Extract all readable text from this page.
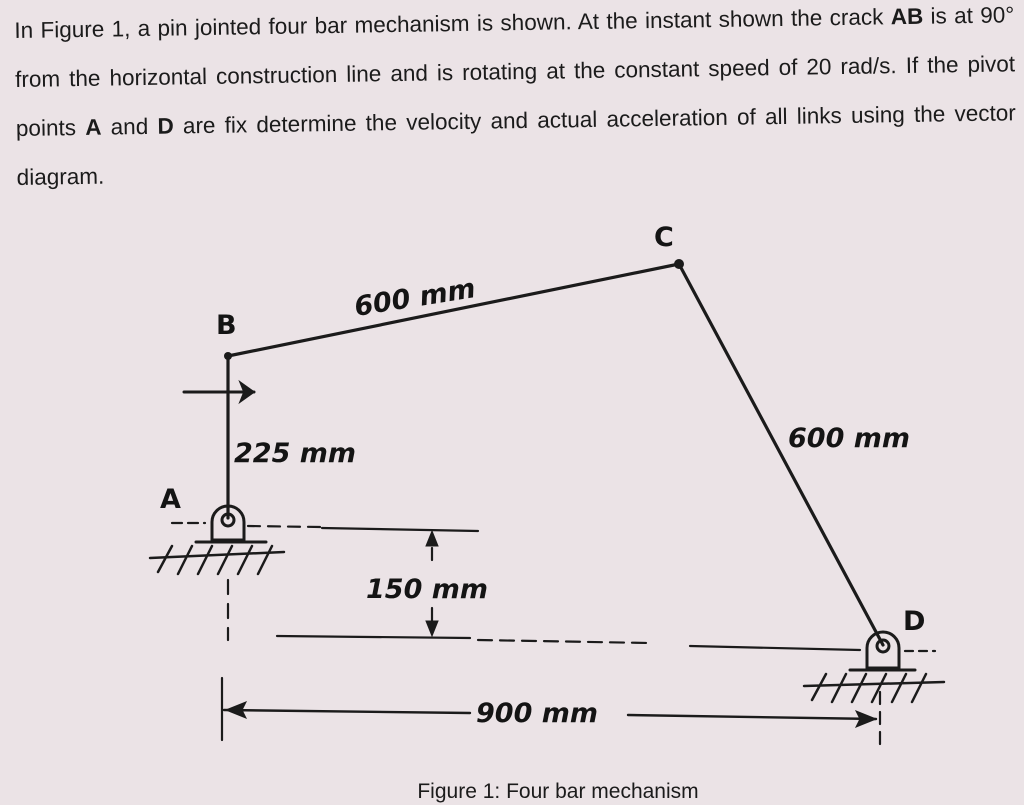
In Figure 1, a pin jointed four bar mechanism is shown. At the instant shown the crack AB is at 90° from the horizontal construction line and is rotating at the constant speed of 20 rad/s. If the pivot points A and D are fix determine the velocity and actual acceleration of all links using the vector diagram.

A
B
C
D
600 mm
225 mm	600 mm
150 mm
900 mm
Figure 1: Four bar mechanism
